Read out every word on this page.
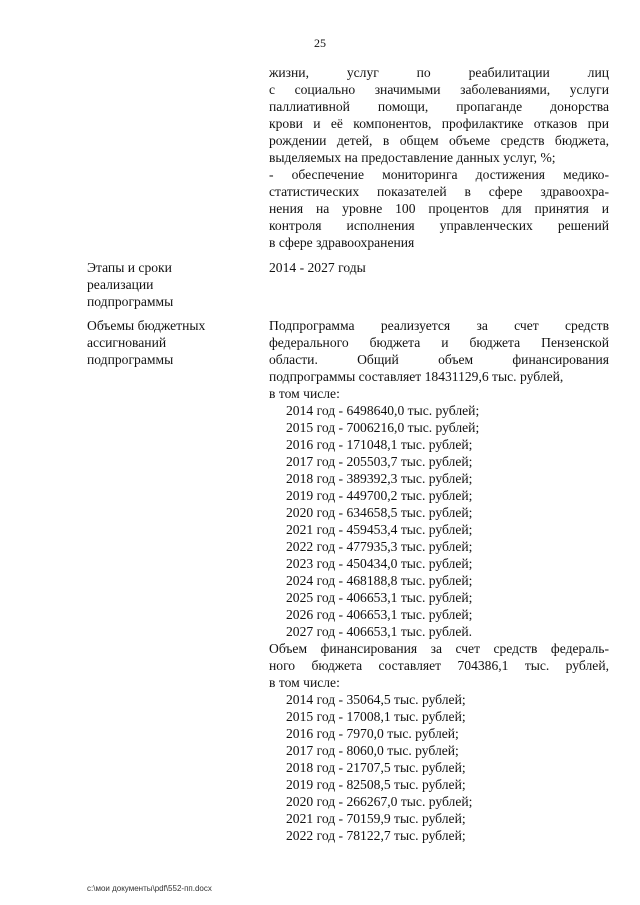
25
жизни, услуг по реабилитации лиц
с социально значимыми заболеваниями, услуги
паллиативной помощи, пропаганде донорства
крови и её компонентов, профилактике отказов при
рождении детей, в общем объеме средств бюджета,
выделяемых на предоставление данных услуг, %;
- обеспечение мониторинга достижения медико-
статистических показателей в сфере здравоохра-
нения на уровне 100 процентов для принятия и
контроля исполнения управленческих решений
в сфере здравоохранения
Этапы и сроки
реализации
подпрограммы
2014 - 2027 годы
Объемы бюджетных
ассигнований
подпрограммы
Подпрограмма реализуется за счет средств
федерального бюджета и бюджета Пензенской
области. Общий объем финансирования
подпрограммы составляет 18431129,6 тыс. рублей,
в том числе:
2014 год - 6498640,0 тыс. рублей;
2015 год - 7006216,0 тыс. рублей;
2016 год - 171048,1 тыс. рублей;
2017 год - 205503,7 тыс. рублей;
2018 год - 389392,3 тыс. рублей;
2019 год - 449700,2 тыс. рублей;
2020 год - 634658,5 тыс. рублей;
2021 год - 459453,4 тыс. рублей;
2022 год - 477935,3 тыс. рублей;
2023 год - 450434,0 тыс. рублей;
2024 год - 468188,8 тыс. рублей;
2025 год - 406653,1 тыс. рублей;
2026 год - 406653,1 тыс. рублей;
2027 год - 406653,1 тыс. рублей.
Объем финансирования за счет средств федераль-
ного бюджета составляет 704386,1 тыс. рублей,
в том числе:
2014 год - 35064,5 тыс. рублей;
2015 год - 17008,1 тыс. рублей;
2016 год - 7970,0 тыс. рублей;
2017 год - 8060,0 тыс. рублей;
2018 год - 21707,5 тыс. рублей;
2019 год - 82508,5 тыс. рублей;
2020 год - 266267,0 тыс. рублей;
2021 год - 70159,9 тыс. рублей;
2022 год - 78122,7 тыс. рублей;
c:\мои документы\pdf\552-пп.docx
